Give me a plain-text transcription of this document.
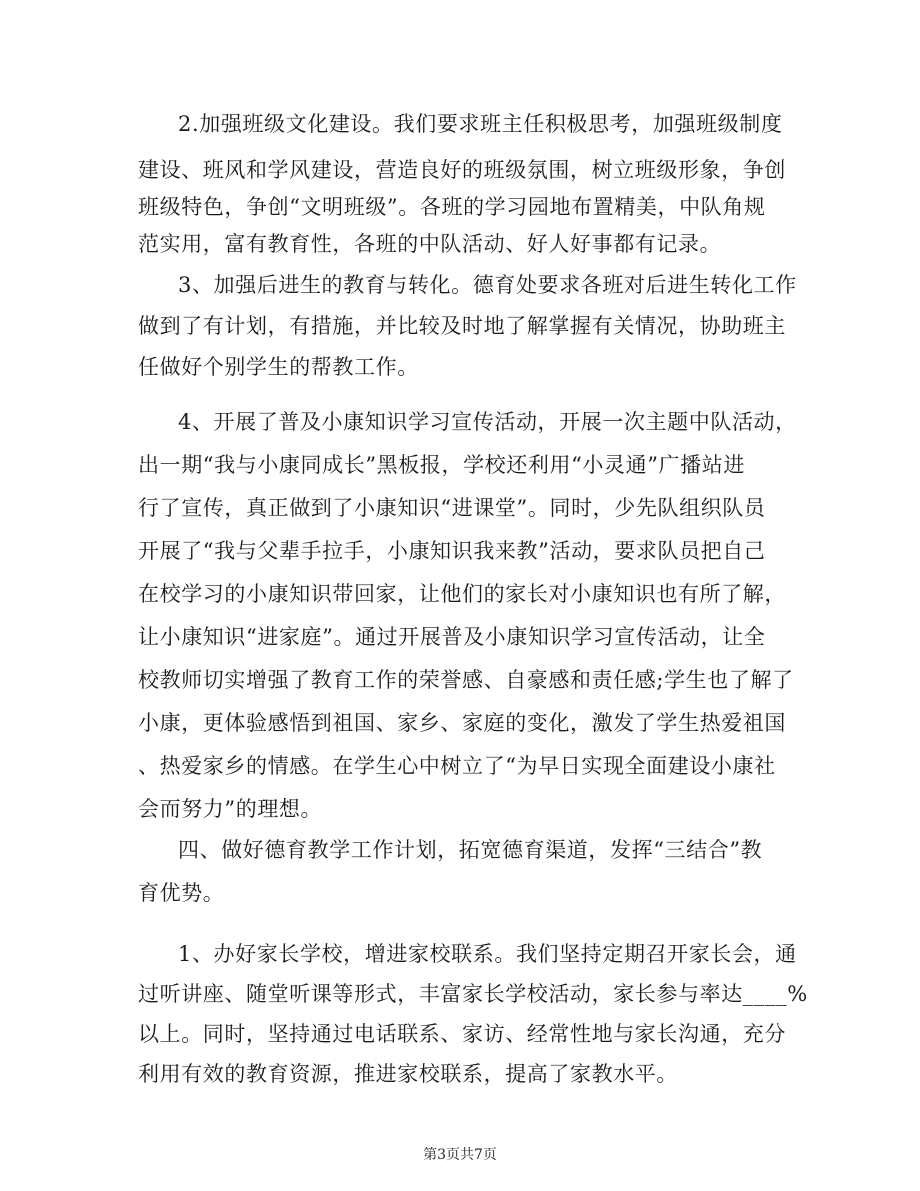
2.加强班级文化建设。我们要求班主任积极思考，加强班级制度
建设、班风和学风建设，营造良好的班级氛围，树立班级形象，争创
班级特色，争创“文明班级”。各班的学习园地布置精美，中队角规
范实用，富有教育性，各班的中队活动、好人好事都有记录。
3、加强后进生的教育与转化。德育处要求各班对后进生转化工作
做到了有计划，有措施，并比较及时地了解掌握有关情况，协助班主
任做好个别学生的帮教工作。
4、开展了普及小康知识学习宣传活动，开展一次主题中队活动，
出一期“我与小康同成长”黑板报，学校还利用“小灵通”广播站进
行了宣传，真正做到了小康知识“进课堂”。同时，少先队组织队员
开展了“我与父辈手拉手，小康知识我来教”活动，要求队员把自己
在校学习的小康知识带回家，让他们的家长对小康知识也有所了解，
让小康知识“进家庭”。通过开展普及小康知识学习宣传活动，让全
校教师切实增强了教育工作的荣誉感、自豪感和责任感;学生也了解了
小康，更体验感悟到祖国、家乡、家庭的变化，激发了学生热爱祖国
、热爱家乡的情感。在学生心中树立了“为早日实现全面建设小康社
会而努力”的理想。
四、做好德育教学工作计划，拓宽德育渠道，发挥“三结合”教
育优势。
1、办好家长学校，增进家校联系。我们坚持定期召开家长会，通
过听讲座、随堂听课等形式，丰富家长学校活动，家长参与率达____%
以上。同时，坚持通过电话联系、家访、经常性地与家长沟通，充分
利用有效的教育资源，推进家校联系，提高了家教水平。
第3页共7页
